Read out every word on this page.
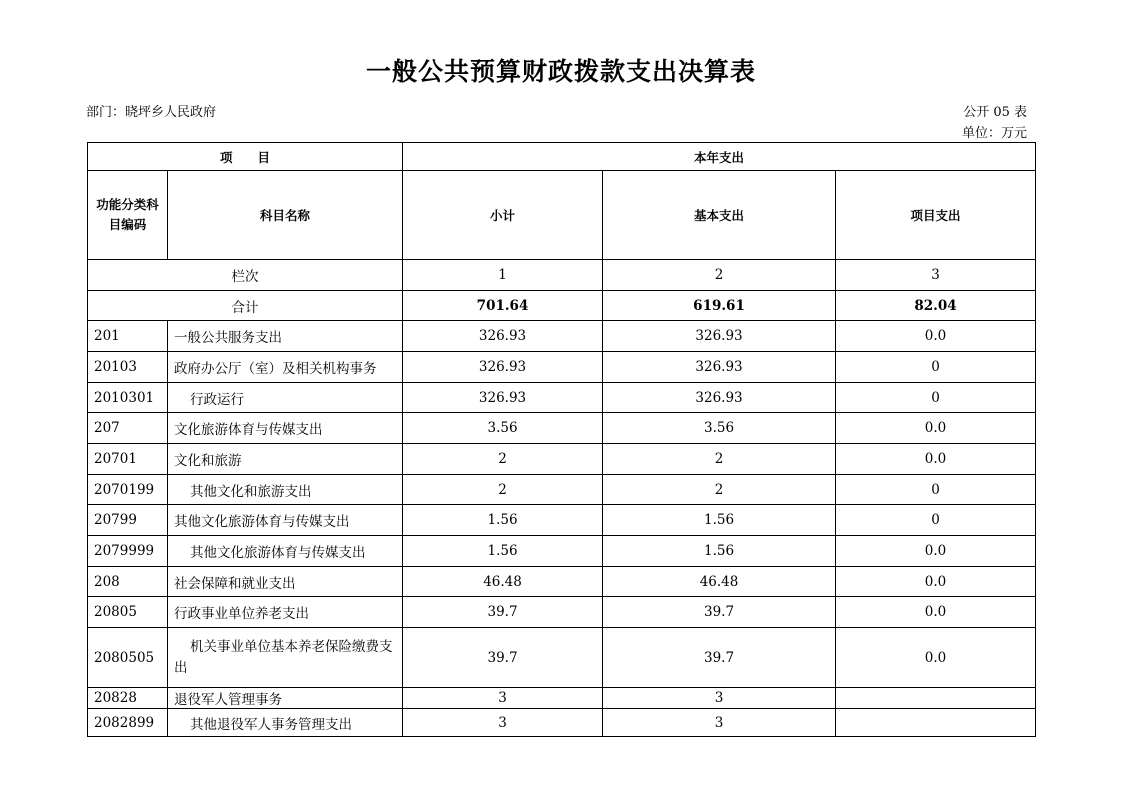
一般公共预算财政拨款支出决算表
部门：晓坪乡人民政府	公开 05 表
单位：万元
项　　目		本年支出		
功能分类科目编码	科目名称	小计	基本支出	项目支出
栏次		1	2	3
合计		701.64	619.61	82.04
201	一般公共服务支出	326.93	326.93	0.0
20103	政府办公厅（室）及相关机构事务	326.93	326.93	0
2010301	行政运行	326.93	326.93	0
207	文化旅游体育与传媒支出	3.56	3.56	0.0
20701	文化和旅游	2	2	0.0
2070199	其他文化和旅游支出	2	2	0
20799	其他文化旅游体育与传媒支出	1.56	1.56	0
2079999	其他文化旅游体育与传媒支出	1.56	1.56	0.0
208	社会保障和就业支出	46.48	46.48	0.0
20805	行政事业单位养老支出	39.7	39.7	0.0
2080505	机关事业单位基本养老保险缴费支出	39.7	39.7	0.0
20828	退役军人管理事务	3	3	
2082899	其他退役军人事务管理支出	3	3	
